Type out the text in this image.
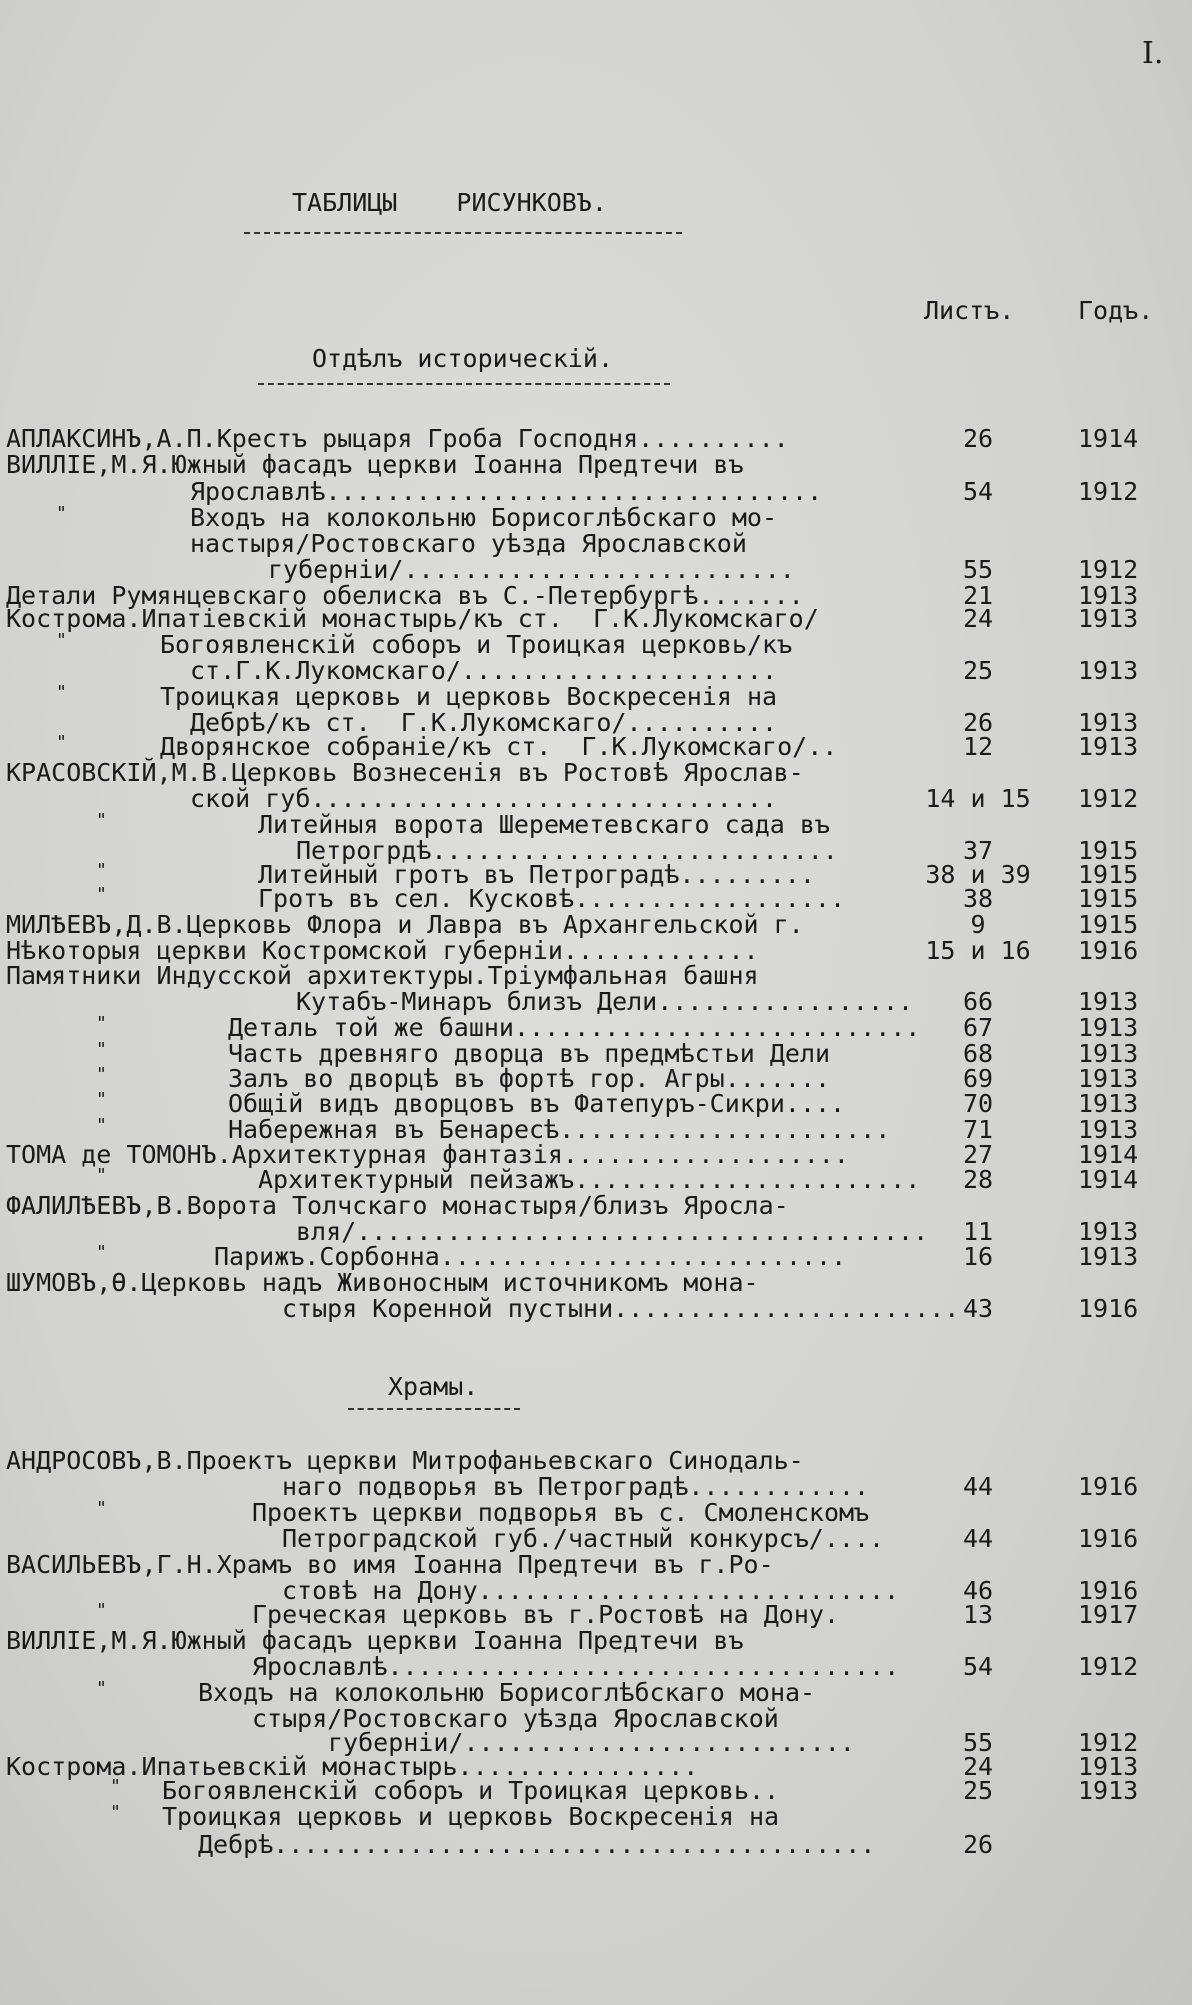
I.
ТАБЛИЦЫ РИСУНКОВЪ.
Листъ.	Годъ.
Отдѣлъ историческій.
Храмы.
АПЛАКСИНЪ,А.П.Крестъ рыцаря Гроба Господня..........	26	1914
ВИЛЛIЕ,М.Я.Южный фасадъ церкви Iоанна Предтечи въ
Ярославлѣ.................................	54	1912
"	Входъ на колокольню Борисоглѣбскаго мо-
настыря/Ростовскаго уѣзда Ярославской
губернiи/..........................	55	1912
Детали Румянцевскаго обелиска въ С.-Петербургѣ.......	21	1913
Кострома.Ипатiевскiй монастырь/къ ст.  Г.К.Лукомскаго/	24	1913
"	Богоявленскiй соборъ и Троицкая церковь/къ
ст.Г.К.Лукомскаго/.....................	25	1913
"	Троицкая церковь и церковь Воскресенiя на
Дебрѣ/къ ст.  Г.К.Лукомскаго/..........	26	1913
"	Дворянское собранiе/къ ст.  Г.К.Лукомскаго/..	12	1913
КРАСОВСКIЙ,М.В.Церковь Вознесенiя въ Ростовѣ Ярослав-
ской губ...............................	14 и 15 1912
"	Литейныя ворота Шереметевскаго сада въ
Петрогрдѣ...........................	37	1915
"	Литейный гротъ въ Петроградѣ.........	38 и 39 1915
"	Гротъ въ сел. Кусковѣ..................	38	1915
МИЛѢЕВЪ,Д.В.Церковь Флора и Лавра въ Архангельской г.	9	1915
Нѣкоторыя церкви Костромской губернiи.............	15 и 16 1916
Памятники Индусской архитектуры.Трiумфальная башня
Кутабъ-Минаръ близъ Дели.................	66	1913
"	Деталь той же башни...........................	67	1913
"	Часть древняго дворца въ предмѣстьи Дели	68	1913
"	Залъ во дворцѣ въ фортѣ гор. Агры.......	69	1913
"	Общiй видъ дворцовъ въ Фатепуръ-Сикри....	70	1913
"	Набережная въ Бенаресѣ......................	71	1913
ТОМА де ТОМОНЪ.Архитектурная фантазiя...................	27	1914
"	Архитектурный пейзажъ.......................	28	1914
ФАЛИЛѢЕВЪ,В.Ворота Толчскаго монастыря/близъ Яросла-
вля/......................................	11	1913
"	Парижъ.Сорбонна...........................	16	1913
ШУМОВЪ,Ѳ.Церковь надъ Живоносным источникомъ мона-
стыря Коренной пустыни....................... 43	1916
АНДРОСОВЪ,В.Проектъ церкви Митрофаньевскаго Синодаль-
наго подворья въ Петроградѣ............	44	1916
"	Проектъ церкви подворья въ с. Смоленскомъ
Петроградской губ./частный конкурсъ/....	44	1916
ВАСИЛЬЕВЪ,Г.Н.Храмъ во имя Iоанна Предтечи въ г.Ро-
стовѣ на Дону............................	46	1916
"	Греческая церковь въ г.Ростовѣ на Дону.	13	1917
ВИЛЛIЕ,М.Я.Южный фасадъ церкви Iоанна Предтечи въ
Ярославлѣ..................................	54	1912
"	Входъ на колокольню Борисоглѣбскаго мона-
стыря/Ростовскаго уѣзда Ярославской
губернiи/..........................	55	1912
Кострома.Ипатьевскiй монастырь................	24	1913
" Богоявленскiй соборъ и Троицкая церковь..	25	1913
" Троицкая церковь и церковь Воскресенiя на
Дебрѣ........................................	26
